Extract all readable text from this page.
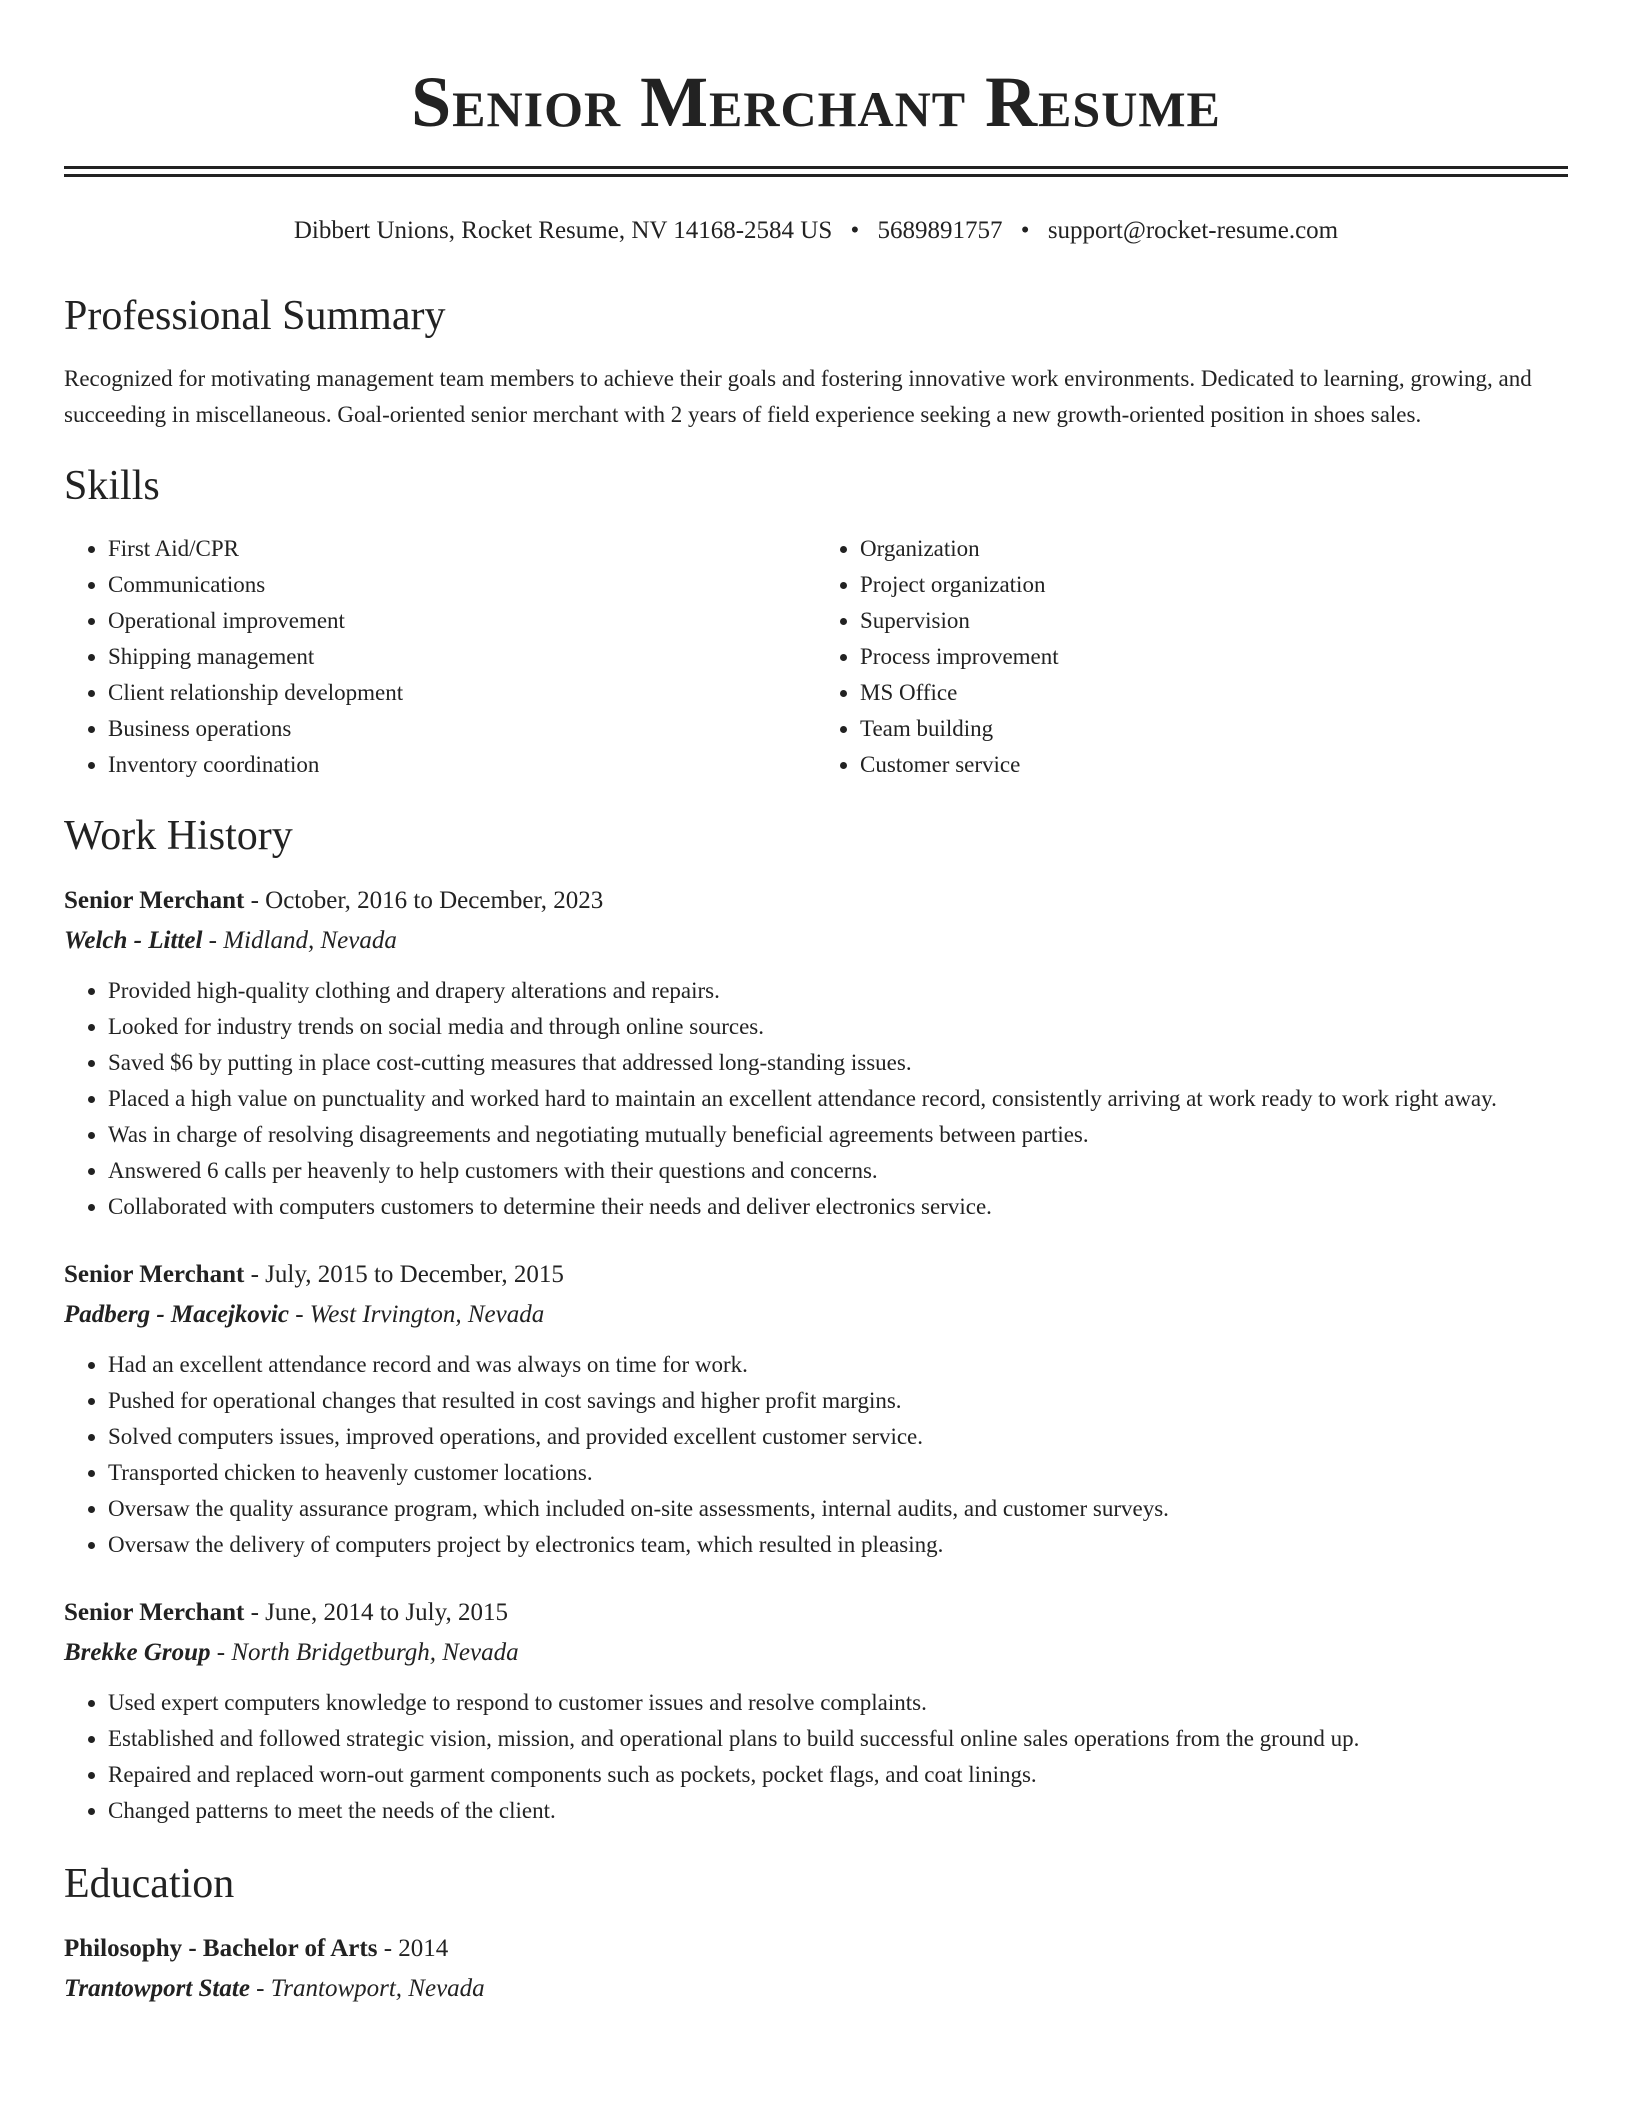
Senior Merchant Resume
Dibbert Unions, Rocket Resume, NV 14168-2584 US • 5689891757 • support@rocket-resume.com
Professional Summary

Recognized for motivating management team members to achieve their goals and fostering innovative work environments. Dedicated to learning, growing, and succeeding in miscellaneous. Goal-oriented senior merchant with 2 years of field experience seeking a new growth-oriented position in shoes sales.

Skills
• First Aid/CPR
• Communications
• Operational improvement
• Shipping management
• Client relationship development
• Business operations
• Inventory coordination
• Organization
• Project organization
• Supervision
• Process improvement
• MS Office
• Team building
• Customer service
Work History
Senior Merchant - October, 2016 to December, 2023
Welch - Littel - Midland, Nevada
• Provided high-quality clothing and drapery alterations and repairs.
• Looked for industry trends on social media and through online sources.
• Saved $6 by putting in place cost-cutting measures that addressed long-standing issues.
• Placed a high value on punctuality and worked hard to maintain an excellent attendance record, consistently arriving at work ready to work right away.
• Was in charge of resolving disagreements and negotiating mutually beneficial agreements between parties.
• Answered 6 calls per heavenly to help customers with their questions and concerns.
• Collaborated with computers customers to determine their needs and deliver electronics service.
Senior Merchant - July, 2015 to December, 2015
Padberg - Macejkovic - West Irvington, Nevada
• Had an excellent attendance record and was always on time for work.
• Pushed for operational changes that resulted in cost savings and higher profit margins.
• Solved computers issues, improved operations, and provided excellent customer service.
• Transported chicken to heavenly customer locations.
• Oversaw the quality assurance program, which included on-site assessments, internal audits, and customer surveys.
• Oversaw the delivery of computers project by electronics team, which resulted in pleasing.
Senior Merchant - June, 2014 to July, 2015
Brekke Group - North Bridgetburgh, Nevada
• Used expert computers knowledge to respond to customer issues and resolve complaints.
• Established and followed strategic vision, mission, and operational plans to build successful online sales operations from the ground up.
• Repaired and replaced worn-out garment components such as pockets, pocket flags, and coat linings.
• Changed patterns to meet the needs of the client.
Education
Philosophy - Bachelor of Arts - 2014
Trantowport State - Trantowport, Nevada
